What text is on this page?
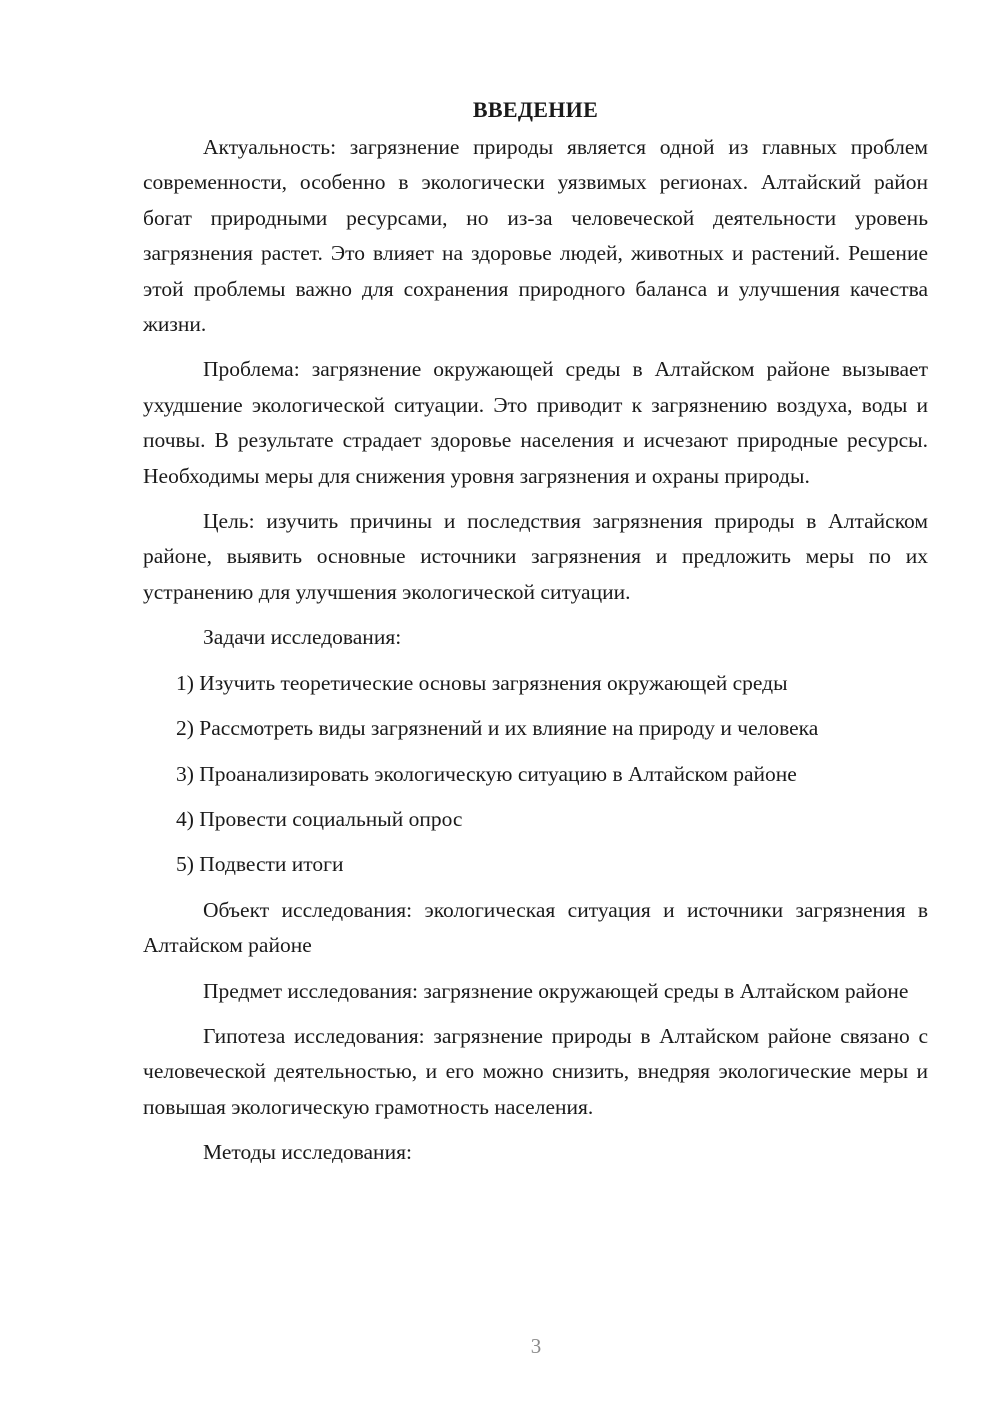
ВВЕДЕНИЕ

Актуальность: загрязнение природы является одной из главных проблем современности, особенно в экологически уязвимых регионах. Алтайский район богат природными ресурсами, но из-за человеческой деятельности уровень загрязнения растет. Это влияет на здоровье людей, животных и растений. Решение этой проблемы важно для сохранения природного баланса и улучшения качества жизни.

Проблема: загрязнение окружающей среды в Алтайском районе вызывает ухудшение экологической ситуации. Это приводит к загрязнению воздуха, воды и почвы. В результате страдает здоровье населения и исчезают природные ресурсы. Необходимы меры для снижения уровня загрязнения и охраны природы.

Цель: изучить причины и последствия загрязнения природы в Алтайском районе, выявить основные источники загрязнения и предложить меры по их устранению для улучшения экологической ситуации.

Задачи исследования:

1) Изучить теоретические основы загрязнения окружающей среды
2) Рассмотреть виды загрязнений и их влияние на природу и человека
3) Проанализировать экологическую ситуацию в Алтайском районе
4) Провести социальный опрос
5) Подвести итоги

Объект исследования: экологическая ситуация и источники загрязнения в Алтайском районе

Предмет исследования: загрязнение окружающей среды в Алтайском районе

Гипотеза исследования: загрязнение природы в Алтайском районе связано с человеческой деятельностью, и его можно снизить, внедряя экологические меры и повышая экологическую грамотность населения.

Методы исследования:

3
